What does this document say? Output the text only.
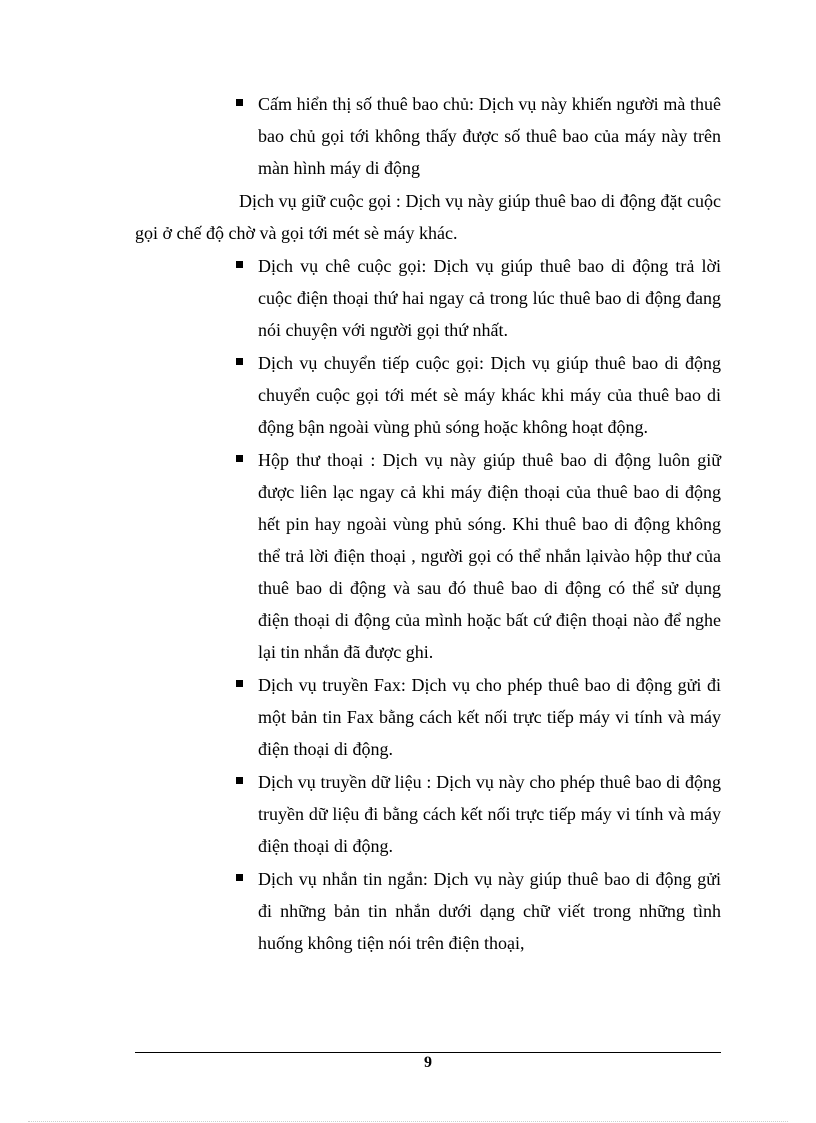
Cấm hiển thị số thuê bao chủ: Dịch vụ này khiến người mà thuê bao chủ gọi tới không thấy được số thuê bao của máy này trên màn hình máy di động
Dịch vụ giữ cuộc gọi : Dịch vụ này giúp thuê bao di động đặt cuộc gọi ở chế độ chờ và gọi tới mét sè máy khác.
Dịch vụ chê cuộc gọi: Dịch vụ giúp thuê bao di động trả lời cuộc điện thoại thứ hai ngay cả trong lúc thuê bao di động đang nói chuyện với người gọi thứ nhất.
Dịch vụ chuyển tiếp cuộc gọi: Dịch vụ giúp thuê bao di động chuyển cuộc gọi tới mét sè máy khác khi máy của thuê bao di động bận ngoài vùng phủ sóng hoặc không hoạt động.
Hộp thư thoại : Dịch vụ này giúp thuê bao di động luôn giữ được liên lạc ngay cả khi máy điện thoại của thuê bao di động hết pin hay ngoài vùng phủ sóng. Khi thuê bao di động không thể trả lời điện thoại , người gọi có thể nhắn lạivào hộp thư của thuê bao di động và sau đó thuê bao di động có thể sử dụng điện thoại di động của mình hoặc bất cứ điện thoại nào để nghe lại tin nhắn đã được ghi.
Dịch vụ truyền Fax: Dịch vụ cho phép thuê bao di động gửi đi một bản tin Fax bằng cách kết nối trực tiếp máy vi tính và máy điện thoại di động.
Dịch vụ truyền dữ liệu : Dịch vụ này cho phép thuê bao di động truyền dữ liệu đi bằng cách kết nối trực tiếp máy vi tính và máy điện thoại di động.
Dịch vụ nhắn tin ngắn: Dịch vụ này giúp thuê bao di động gửi đi những bản tin nhắn dưới dạng chữ viết trong những tình huống không tiện nói trên điện thoại,
9
